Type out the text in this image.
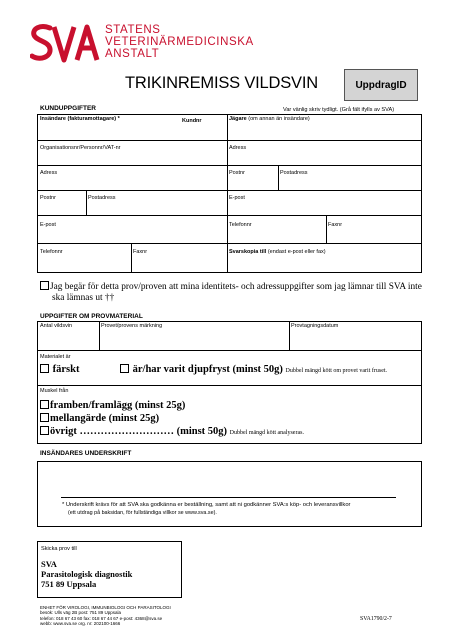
STATENS
VETERINÄRMEDICINSKA
ANSTALT
TRIKINREMISS VILDSVIN	UppdragID
KUNDUPPGIFTER	Var vänlig skriv tydligt. (Grå fält ifylls av SVA)
Insändare (fakturamottagare) *	Kundnr	Jägare (om annan än insändare)
Organisationsnr/Personnr/VAT-nr	Adress
Adress	Postnr	Postadress
Postnr	Postadress	E-post
E-post	Telefonnr	Faxnr
Telefonnr	Faxnr	Svarskopia till (endast e-post eller fax)
Jag begär för detta prov/proven att mina identitets- och adressuppgifter som jag lämnar till SVA inte
ska lämnas ut ††
UPPGIFTER OM PROVMATERIAL
Antal vildsvin	Provet/provens märkning	Provtagningsdatum
Materialet är
färskt	är/har varit djupfryst (minst 50g) Dubbel mängd kött om provet varit fruset.
Muskel från
framben/framlägg (minst 25g)
mellangärde (minst 25g)
övrigt ……………………… (minst 50g) Dubbel mängd kött analyseras.
INSÄNDARES UNDERSKRIFT
* Underskrift krävs för att SVA ska godkänna er beställning, samt att ni godkänner SVA:s köp- och leveransvillkor
(ett utdrag på baksidan, för fullständiga villkor se www.sva.se).
Skicka prov till
SVA
Parasitologisk diagnostik
751 89 Uppsala
ENHET FÖR VIROLOGI, IMMUNBIOLOGI OCH PARASITOLOGI
besök: Ulls väg 2B post: 751 89 Uppsala
telefon: 018 67 43 60 fax: 018 67 44 67 e-post: 4368@sva.se
webb: www.sva.se org. nr: 202100-1666
SVA1790/2-7
